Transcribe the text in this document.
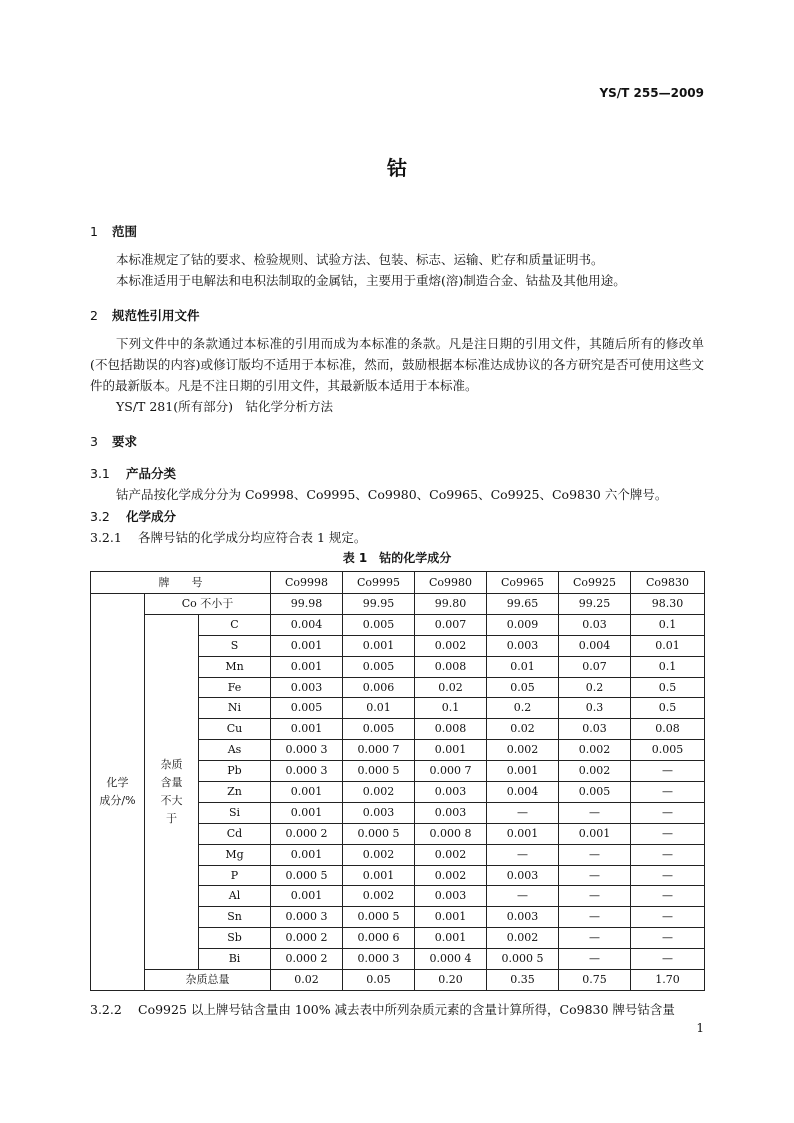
YS/T 255—2009
钴
1 范围

本标准规定了钴的要求、检验规则、试验方法、包装、标志、运输、贮存和质量证明书。

本标准适用于电解法和电积法制取的金属钴，主要用于重熔(溶)制造合金、钴盐及其他用途。

2 规范性引用文件

下列文件中的条款通过本标准的引用而成为本标准的条款。凡是注日期的引用文件，其随后所有的修改单(不包括勘误的内容)或修订版均不适用于本标准，然而，鼓励根据本标准达成协议的各方研究是否可使用这些文件的最新版本。凡是不注日期的引用文件，其最新版本适用于本标准。

YS/T 281(所有部分)　钴化学分析方法

3 要求
3.1 产品分类

钴产品按化学成分分为 Co9998、Co9995、Co9980、Co9965、Co9925、Co9830 六个牌号。

3.2 化学成分
3.2.1 各牌号钴的化学成分均应符合表 1 规定。
表 1　钴的化学成分
牌　　号			Co9998	Co9995	Co9980	Co9965	Co9925	Co9830
化学
成分/%	Co 不小于		99.98	99.95	99.80	99.65	99.25	98.30
	杂质
含量
不大
于	C	0.004	0.005	0.007	0.009	0.03	0.1
		S	0.001	0.001	0.002	0.003	0.004	0.01
		Mn	0.001	0.005	0.008	0.01	0.07	0.1
		Fe	0.003	0.006	0.02	0.05	0.2	0.5
		Ni	0.005	0.01	0.1	0.2	0.3	0.5
		Cu	0.001	0.005	0.008	0.02	0.03	0.08
		As	0.000 3	0.000 7	0.001	0.002	0.002	0.005
		Pb	0.000 3	0.000 5	0.000 7	0.001	0.002	—
		Zn	0.001	0.002	0.003	0.004	0.005	—
		Si	0.001	0.003	0.003	—	—	—
		Cd	0.000 2	0.000 5	0.000 8	0.001	0.001	—
		Mg	0.001	0.002	0.002	—	—	—
		P	0.000 5	0.001	0.002	0.003	—	—
		Al	0.001	0.002	0.003	—	—	—
		Sn	0.000 3	0.000 5	0.001	0.003	—	—
		Sb	0.000 2	0.000 6	0.001	0.002	—	—
		Bi	0.000 2	0.000 3	0.000 4	0.000 5	—	—
	杂质总量		0.02	0.05	0.20	0.35	0.75	1.70
3.2.2 Co9925 以上牌号钴含量由 100% 减去表中所列杂质元素的含量计算所得，Co9830 牌号钴含量
1
